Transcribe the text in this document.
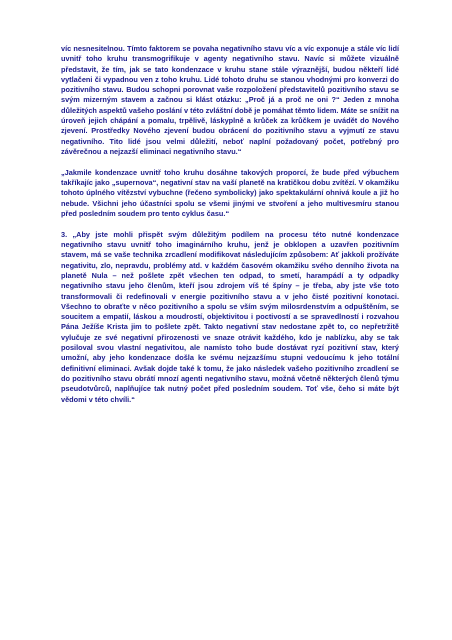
víc nesnesitelnou. Tímto faktorem se povaha negativního stavu víc a víc exponuje a stále víc lidí uvnitř toho kruhu transmogrifikuje v agenty negativního stavu. Navíc si můžete vizuálně představit, že tím, jak se tato kondenzace v kruhu stane stále výraznější, budou někteří lidé vytlačeni či vypadnou ven z toho kruhu. Lidé tohoto druhu se stanou vhodnými pro konverzi do pozitivního stavu. Budou schopni porovnat vaše rozpoložení představitelů pozitivního stavu se svým mizerným stavem a začnou si klást otázku: „Proč já a proč ne oni ?“ Jeden z mnoha důležitých aspektů vašeho poslání v této zvláštní době je pomáhat těmto lidem. Máte se snížit na úroveň jejich chápání a pomalu, trpělivě, láskyplně a krůček za krůčkem je uvádět do Nového zjevení. Prostředky Nového zjevení budou obrácení do pozitivního stavu a vyjmutí ze stavu negativního. Tito lidé jsou velmi důležití, neboť naplní požadovaný počet, potřebný pro závěrečnou a nejzazší eliminaci negativního stavu.“

„Jakmile kondenzace uvnitř toho kruhu dosáhne takových proporcí, že bude před výbuchem takříkajíc jako „supernova“, negativní stav na vaší planetě na kratičkou dobu zvítězí. V okamžiku tohoto úplného vítězství vybuchne (řečeno symbolicky) jako spektakulární ohnivá koule a již ho nebude. Všichni jeho účastníci spolu se všemi jinými ve stvoření a jeho multivesmíru stanou před posledním soudem pro tento cyklus času.“

3. „Aby jste mohli přispět svým důležitým podílem na procesu této nutné kondenzace negativního stavu uvnitř toho imaginárního kruhu, jenž je obklopen a uzavřen pozitivním stavem, má se vaše technika zrcadlení modifikovat následujícím způsobem: Ať jakkoli prožíváte negativitu, zlo, nepravdu, problémy atd. v každém časovém okamžiku svého denního života na planetě Nula – než pošlete zpět všechen ten odpad, to smetí, harampádí a ty odpadky negativního stavu jeho členům, kteří jsou zdrojem víš té špíny – je třeba, aby jste vše toto transformovali či redefinovali v energie pozitivního stavu a v jeho čisté pozitivní konotaci. Všechno to obraťte v něco pozitivního a spolu se vším svým milosrdenstvím a odpuštěním, se soucitem a empatií, láskou a moudrostí, objektivitou i poctivostí a se spravedlností i rozvahou Pána Ježíše Krista jim to pošlete zpět. Takto negativní stav nedostane zpět to, co nepřetržitě vylučuje ze své negativní přirozenosti ve snaze otrávit každého, kdo je nablízku, aby se tak posiloval svou vlastní negativitou, ale namísto toho bude dostávat ryzí pozitivní stav, který umožní, aby jeho kondenzace došla ke svému nejzazšímu stupni vedoucímu k jeho totální definitivní eliminaci. Avšak dojde také k tomu, že jako následek vašeho pozitivního zrcadlení se do pozitivního stavu obrátí mnozí agenti negativního stavu, možná včetně některých členů týmu pseudotvůrců, naplňujíce tak nutný počet před posledním soudem. Toť vše, čeho si máte být vědomi v této chvíli.“
